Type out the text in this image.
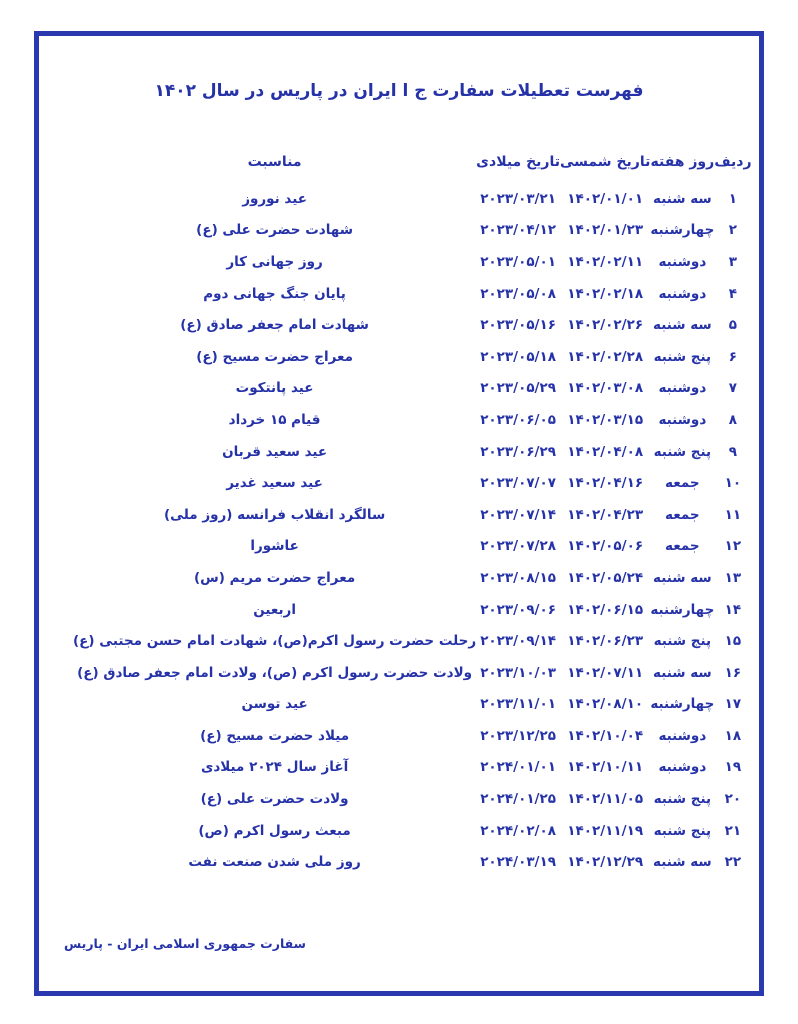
فهرست تعطیلات سفارت ج ا ایران در پاریس در سال ۱۴۰۲
ردیف	روز هفته	تاریخ شمسی	تاریخ میلادی	مناسبت
۱	سه شنبه	۱۴۰۲/۰۱/۰۱	۲۰۲۳/۰۳/۲۱	عید نوروز
۲	چهارشنبه	۱۴۰۲/۰۱/۲۳	۲۰۲۳/۰۴/۱۲	شهادت حضرت علی (ع)
۳	دوشنبه	۱۴۰۲/۰۲/۱۱	۲۰۲۳/۰۵/۰۱	روز جهانی کار
۴	دوشنبه	۱۴۰۲/۰۲/۱۸	۲۰۲۳/۰۵/۰۸	پایان جنگ جهانی دوم
۵	سه شنبه	۱۴۰۲/۰۲/۲۶	۲۰۲۳/۰۵/۱۶	شهادت امام جعفر صادق (ع)
۶	پنج شنبه	۱۴۰۲/۰۲/۲۸	۲۰۲۳/۰۵/۱۸	معراج حضرت مسیح (ع)
۷	دوشنبه	۱۴۰۲/۰۳/۰۸	۲۰۲۳/۰۵/۲۹	عید پانتکوت
۸	دوشنبه	۱۴۰۲/۰۳/۱۵	۲۰۲۳/۰۶/۰۵	قیام ۱۵ خرداد
۹	پنج شنبه	۱۴۰۲/۰۴/۰۸	۲۰۲۳/۰۶/۲۹	عید سعید قربان
۱۰	جمعه	۱۴۰۲/۰۴/۱۶	۲۰۲۳/۰۷/۰۷	عید سعید غدیر
۱۱	جمعه	۱۴۰۲/۰۴/۲۳	۲۰۲۳/۰۷/۱۴	سالگرد انقلاب فرانسه (روز ملی)
۱۲	جمعه	۱۴۰۲/۰۵/۰۶	۲۰۲۳/۰۷/۲۸	عاشورا
۱۳	سه شنبه	۱۴۰۲/۰۵/۲۴	۲۰۲۳/۰۸/۱۵	معراج حضرت مریم (س)
۱۴	چهارشنبه	۱۴۰۲/۰۶/۱۵	۲۰۲۳/۰۹/۰۶	اربعین
۱۵	پنج شنبه	۱۴۰۲/۰۶/۲۳	۲۰۲۳/۰۹/۱۴	رحلت حضرت رسول اکرم(ص)، شهادت امام حسن مجتبی (ع)
۱۶	سه شنبه	۱۴۰۲/۰۷/۱۱	۲۰۲۳/۱۰/۰۳	ولادت حضرت رسول اکرم (ص)، ولادت امام جعفر صادق (ع)
۱۷	چهارشنبه	۱۴۰۲/۰۸/۱۰	۲۰۲۳/۱۱/۰۱	عید توسن
۱۸	دوشنبه	۱۴۰۲/۱۰/۰۴	۲۰۲۳/۱۲/۲۵	میلاد حضرت مسیح (ع)
۱۹	دوشنبه	۱۴۰۲/۱۰/۱۱	۲۰۲۴/۰۱/۰۱	آغاز سال ۲۰۲۴ میلادی
۲۰	پنج شنبه	۱۴۰۲/۱۱/۰۵	۲۰۲۴/۰۱/۲۵	ولادت حضرت علی (ع)
۲۱	پنج شنبه	۱۴۰۲/۱۱/۱۹	۲۰۲۴/۰۲/۰۸	مبعث رسول اکرم (ص)
۲۲	سه شنبه	۱۴۰۲/۱۲/۲۹	۲۰۲۴/۰۳/۱۹	روز ملی شدن صنعت نفت
سفارت جمهوری اسلامی ایران - پاریس
